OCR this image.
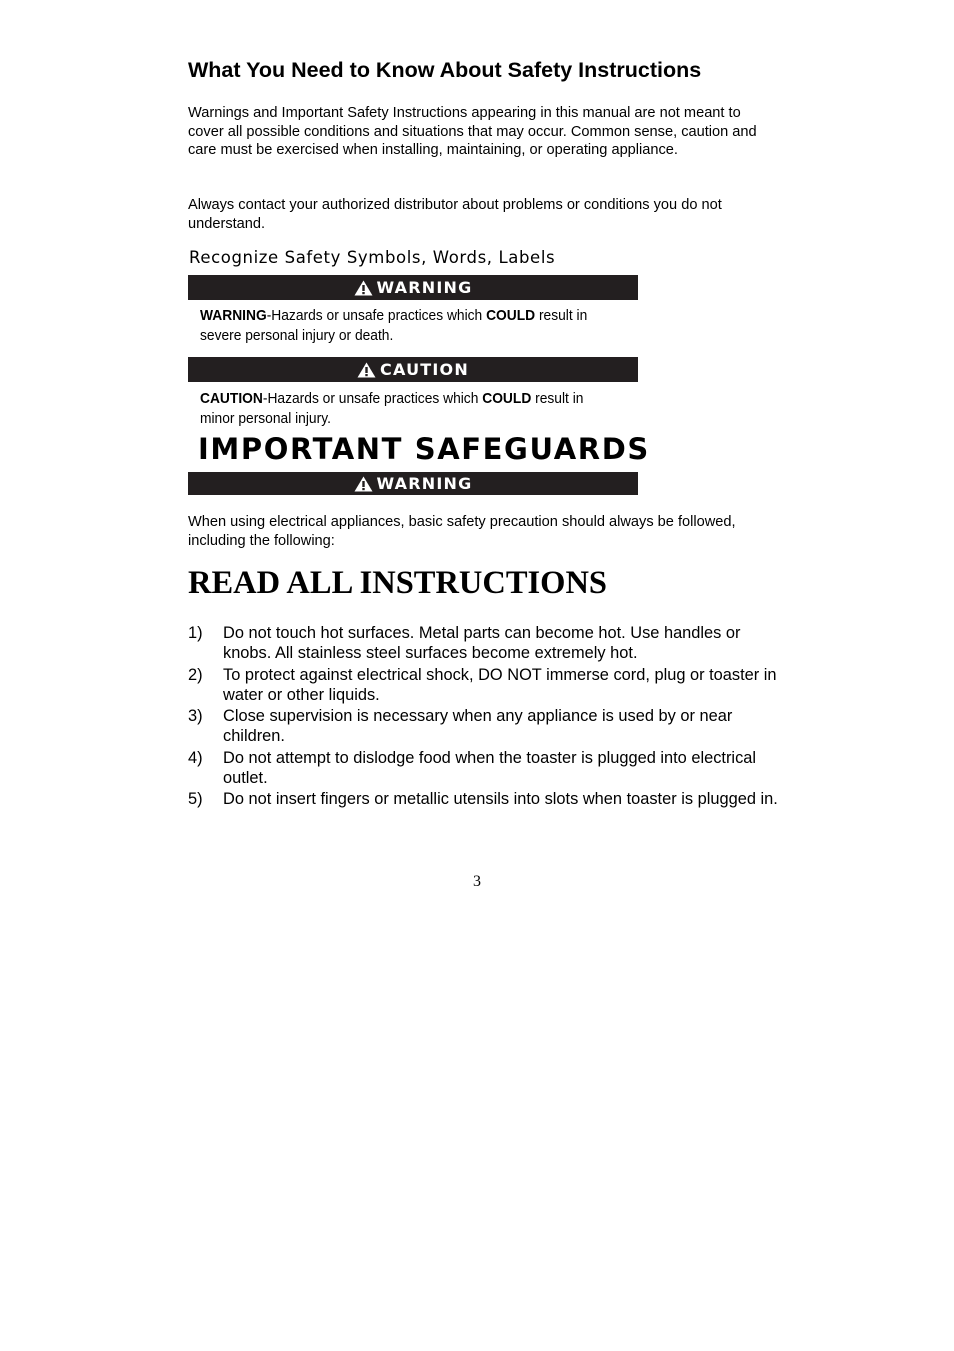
What You Need to Know About Safety Instructions

Warnings and Important Safety Instructions appearing in this manual are not meant to cover all possible conditions and situations that may occur. Common sense, caution and care must be exercised when installing, maintaining, or operating appliance.

Always contact your authorized distributor about problems or conditions you do not understand.

Recognize Safety Symbols, Words, Labels

WARNING

WARNING-Hazards or unsafe practices which COULD result in severe personal injury or death.

CAUTION

CAUTION-Hazards or unsafe practices which COULD result in minor personal injury.

IMPORTANT SAFEGUARDS
WARNING

When using electrical appliances, basic safety precaution should always be followed, including the following:

READ ALL INSTRUCTIONS
1) Do not touch hot surfaces. Metal parts can become hot. Use handles or knobs. All stainless steel surfaces become extremely hot.
2) To protect against electrical shock, DO NOT immerse cord, plug or toaster in water or other liquids.
3) Close supervision is necessary when any appliance is used by or near children.
4) Do not attempt to dislodge food when the toaster is plugged into electrical outlet.
5) Do not insert fingers or metallic utensils into slots when toaster is plugged in.

3
